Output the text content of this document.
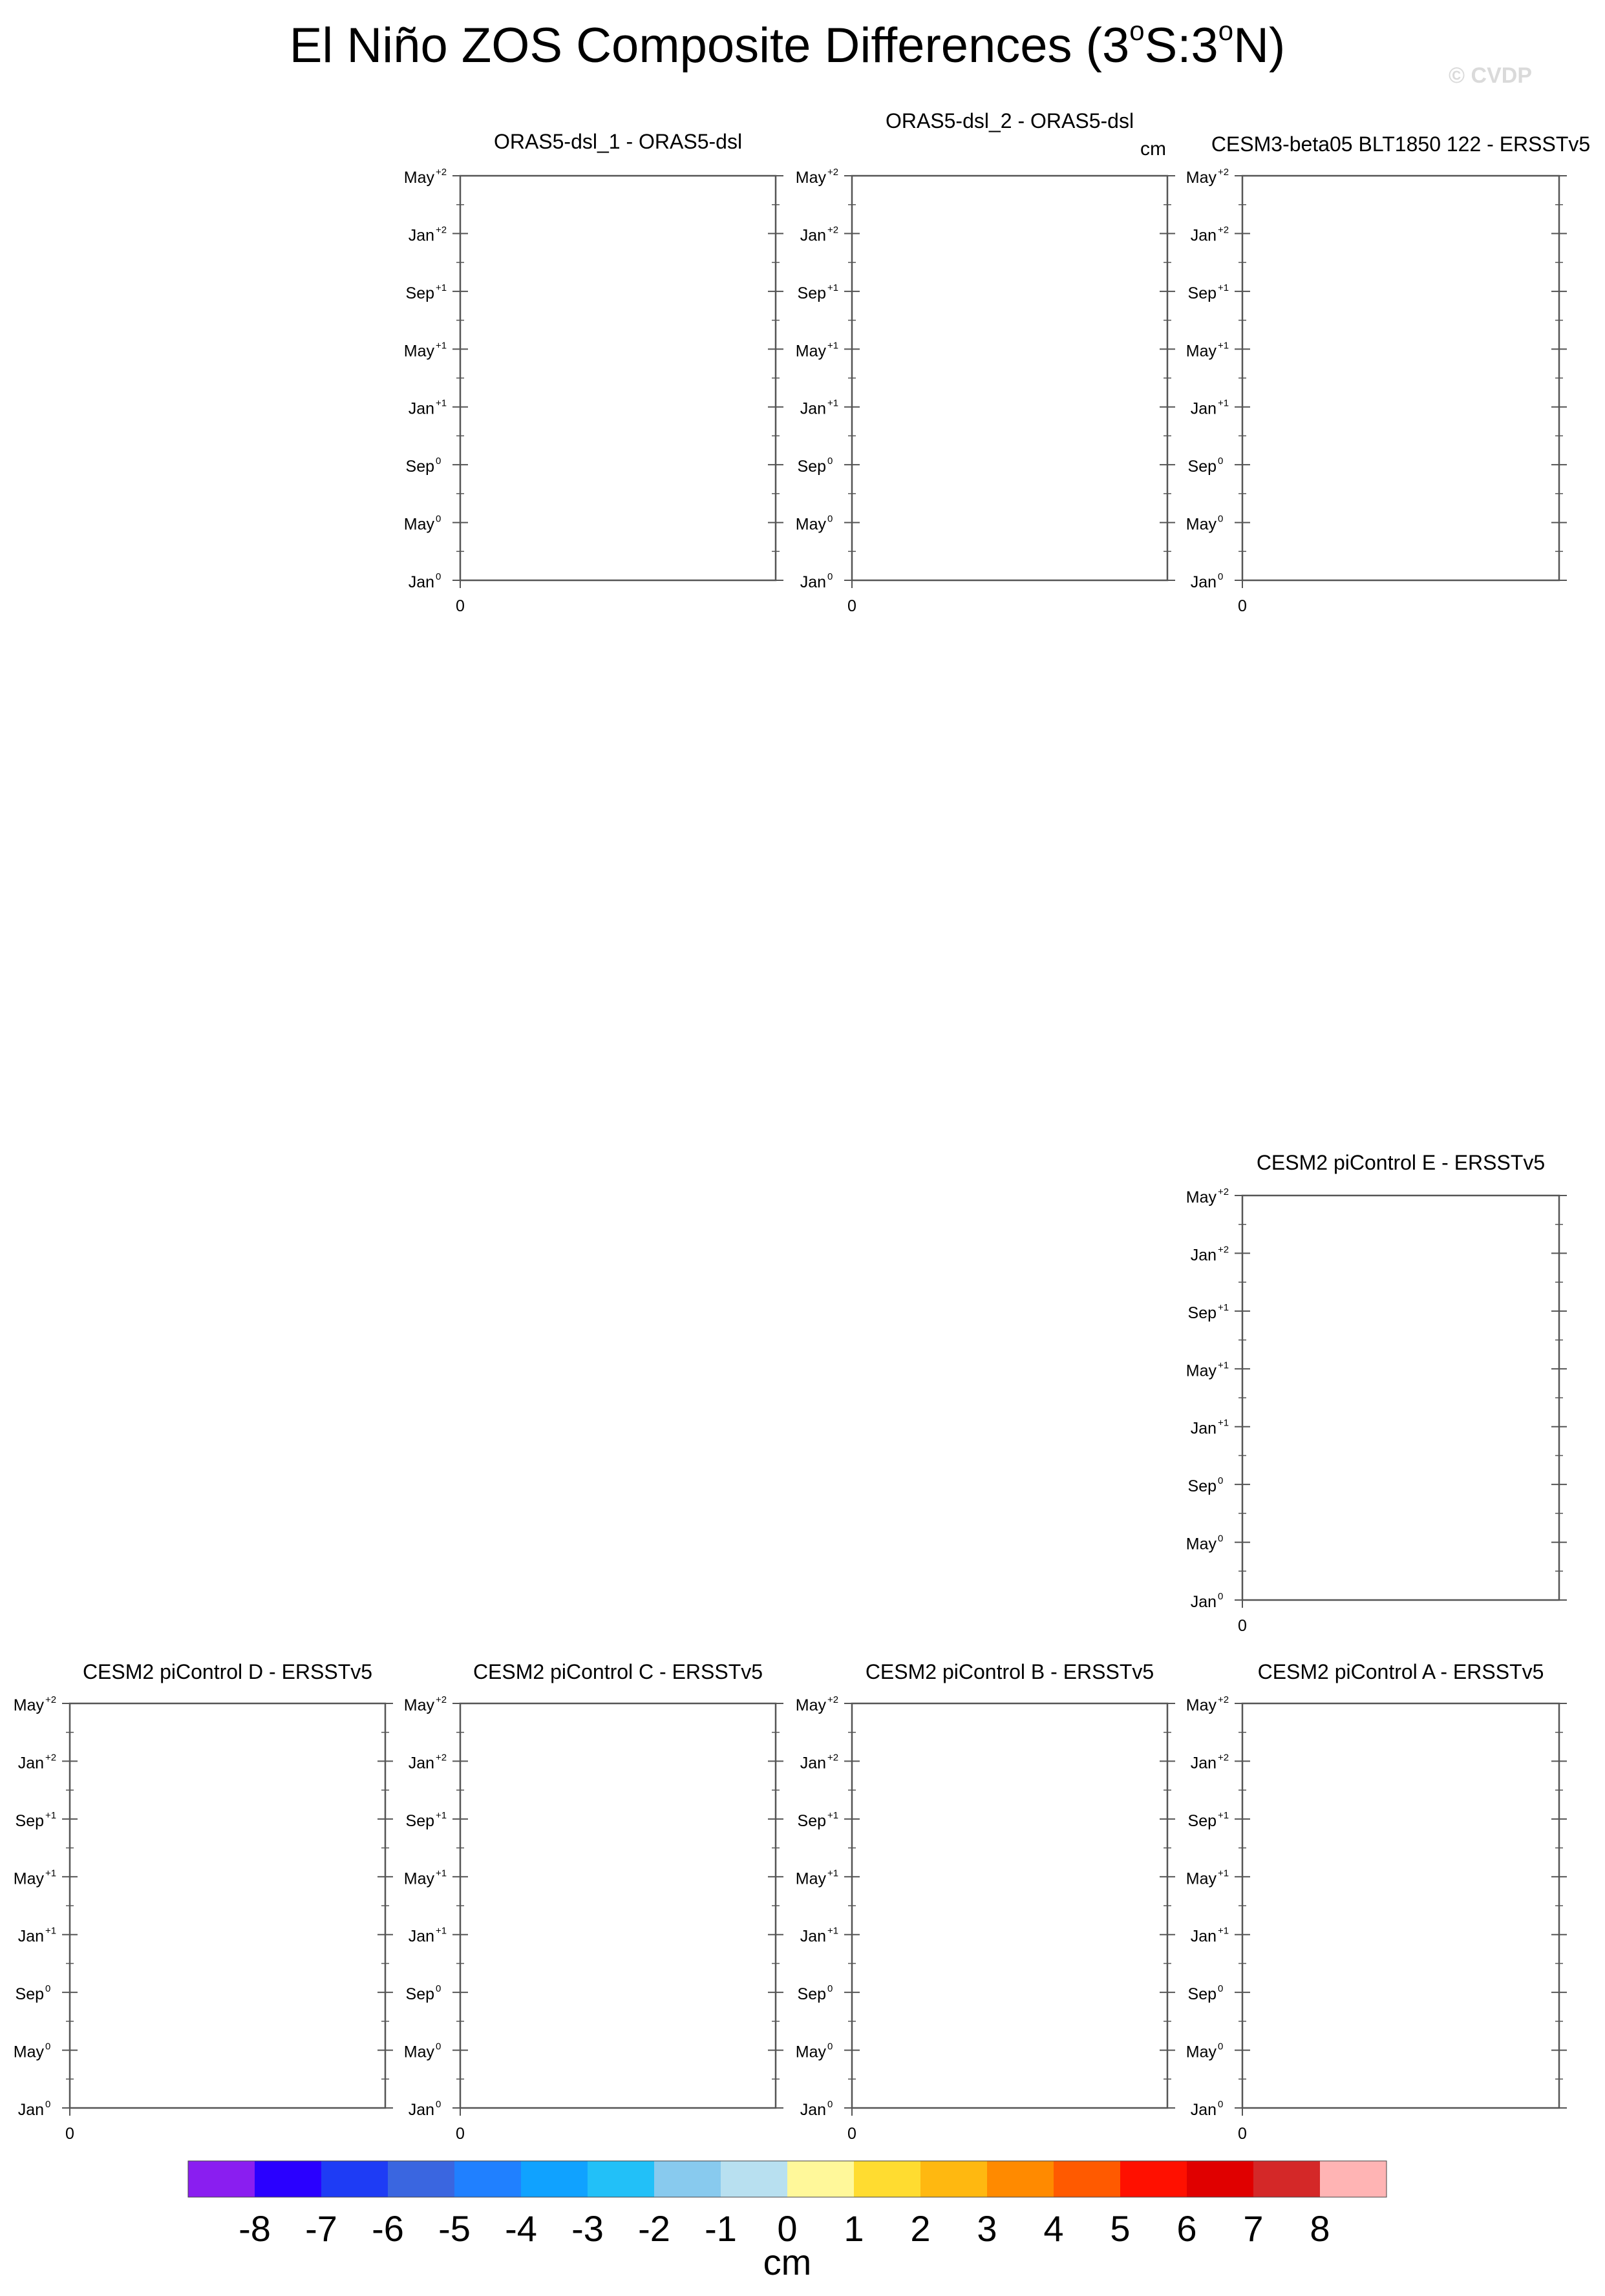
El Niño ZOS Composite Differences (3$^o$S:3$^o$N)
© CVDP
cm
ORAS5-dsl_1 - ORAS5-dsl
May +2
Jan +2
Sep +1
May +1
Jan +1
Sep 0
May 0
Jan 0
0
ORAS5-dsl_2 - ORAS5-dsl
May +2
Jan +2
Sep +1
May +1
Jan +1
Sep 0
May 0
Jan 0
0
CESM3-beta05 BLT1850 122 - ERSSTv5
May +2
Jan +2
Sep +1
May +1
Jan +1
Sep 0
May 0
Jan 0
0
CESM2 piControl E - ERSSTv5
May +2
Jan +2
Sep +1
May +1
Jan +1
Sep 0
May 0
Jan 0
0
CESM2 piControl D - ERSSTv5
May +2
Jan +2
Sep +1
May +1
Jan +1
Sep 0
May 0
Jan 0
0
CESM2 piControl C - ERSSTv5
May +2
Jan +2
Sep +1
May +1
Jan +1
Sep 0
May 0
Jan 0
0
CESM2 piControl B - ERSSTv5
May +2
Jan +2
Sep +1
May +1
Jan +1
Sep 0
May 0
Jan 0
0
CESM2 piControl A - ERSSTv5
May +2
Jan +2
Sep +1
May +1
Jan +1
Sep 0
May 0
Jan 0
0
-8 -7 -6 -5 -4 -3 -2 -1 0 1 2 3 4 5 6 7 8
cm
